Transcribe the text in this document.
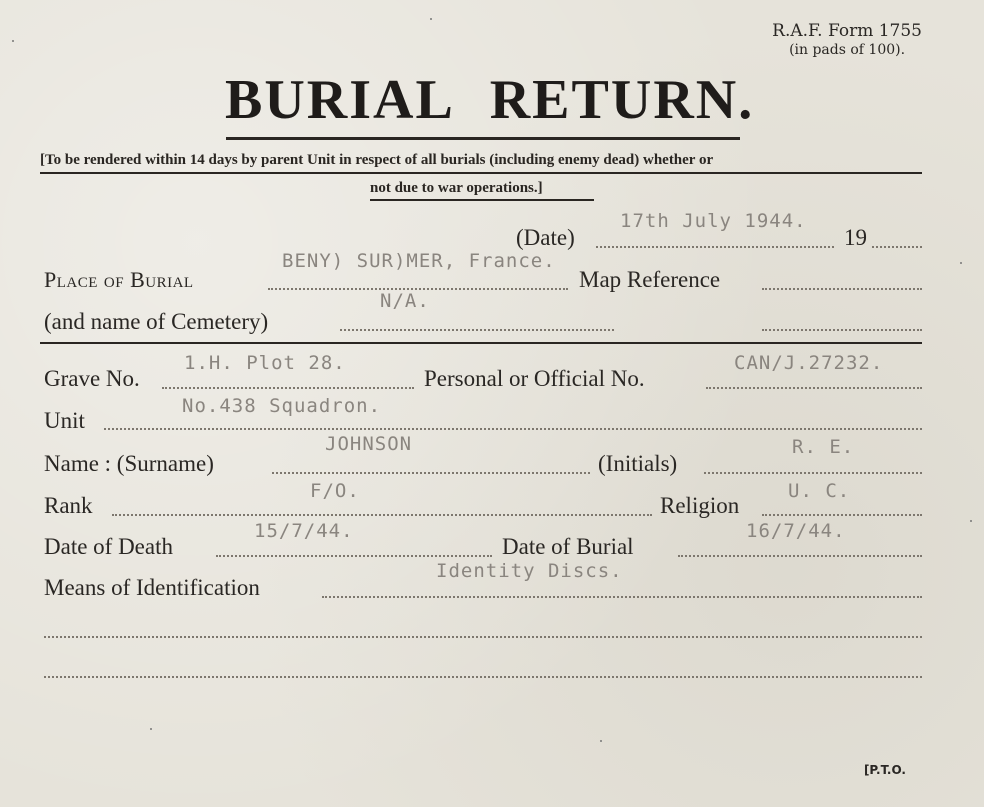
R.A.F. Form 1755
(in pads of 100).
BURIAL RETURN.
[To be rendered within 14 days by parent Unit in respect of all burials (including enemy dead) whether or
not due to war operations.]
(Date)
17th July 1944.
19
Place of Burial
BENY) SUR)MER, France.
Map Reference
(and name of Cemetery)
N/A.
Grave No.
1.H. Plot 28.
Personal or Official No.
CAN/J.27232.
Unit
No.438 Squadron.
Name : (Surname)
JOHNSON
(Initials)
R. E.
Rank
F/O.
Religion
U. C.
Date of Death
15/7/44.
Date of Burial
16/7/44.
Means of Identification
Identity Discs.
[P.T.O.
